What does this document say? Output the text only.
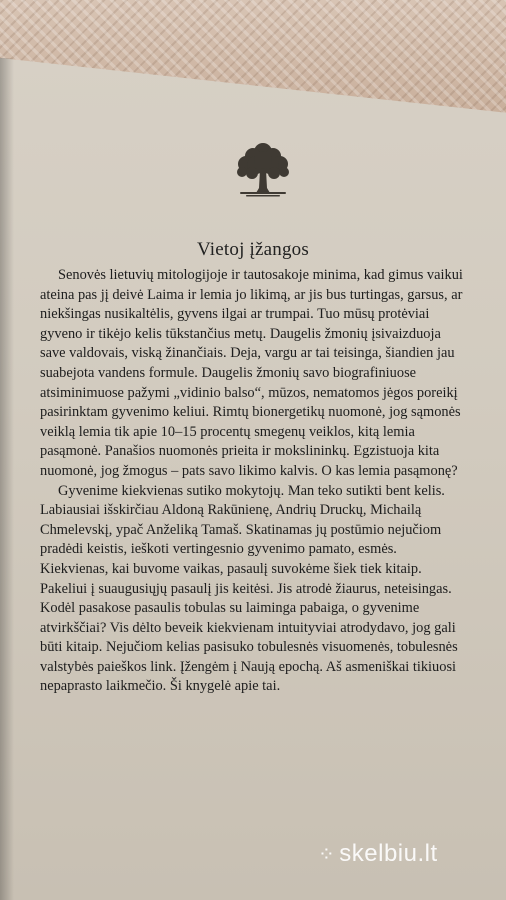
Vietoj įžangos

Senovės lietuvių mitologijoje ir tautosakoje minima, kad gimus vaikui ateina pas jį deivė Laima ir lemia jo likimą, ar jis bus turtingas, garsus, ar niekšingas nusikaltėlis, gyvens ilgai ar trumpai. Tuo mūsų protėviai gyveno ir tikėjo kelis tūkstančius metų. Daugelis žmonių įsivaizduoja save valdovais, viską žinančiais. Deja, vargu ar tai teisinga, šiandien jau suabejota vandens formule. Daugelis žmonių savo biografiniuose atsiminimuose pažymi „vidinio balso“, mūzos, nematomos jėgos poreikį pasirinktam gyvenimo keliui. Rimtų bionergetikų nuomonė, jog sąmonės veiklą lemia tik apie 10–15 procentų smegenų veiklos, kitą lemia pasąmonė. Panašios nuomonės prieita ir mokslininkų. Egzistuoja kita nuomonė, jog žmogus – pats savo likimo kalvis. O kas lemia pasąmonę?

Gyvenime kiekvienas sutiko mokytojų. Man teko sutikti bent kelis. Labiausiai išskirčiau Aldoną Rakūnienę, Andrių Druckų, Michailą Chmelevskį, ypač Anželiką Tamaš. Skatinamas jų postūmio nejučiom pradėdi keistis, ieškoti vertingesnio gyvenimo pamato, esmės. Kiekvienas, kai buvome vaikas, pasaulį suvokėme šiek tiek kitaip. Pakeliui į suaugusiųjų pasaulį jis keitėsi. Jis atrodė žiaurus, neteisingas. Kodėl pasakose pasaulis tobulas su laiminga pabaiga, o gyvenime atvirkščiai? Vis dėlto beveik kiekvienam intuityviai atrodydavo, jog gali būti kitaip. Nejučiom kelias pasisuko tobulesnės visuomenės, tobulesnės valstybės paieškos link. Įžengėm į Naują epochą. Aš asmeniškai tikiuosi nepaprasto laikmečio. Ši knygelė apie tai.

⁘ skelbiu.lt
